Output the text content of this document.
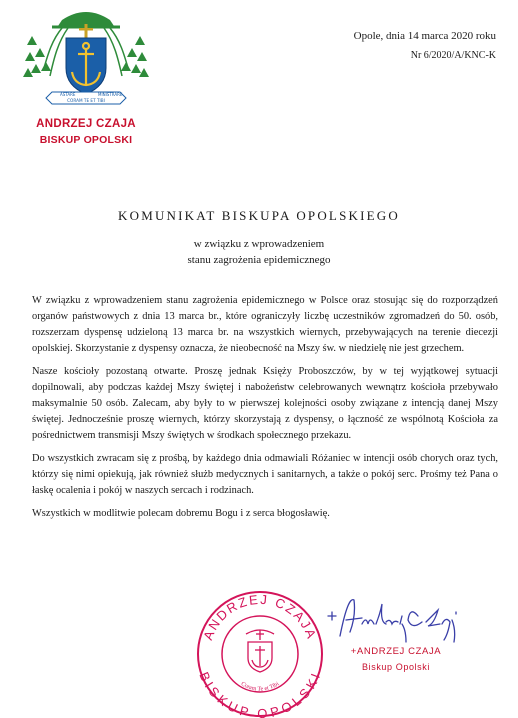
ASTARE	MINISTRARE
CORAM TE ET TIBI
ANDRZEJ CZAJA
BISKUP OPOLSKI
Opole, dnia 14 marca 2020 roku
Nr 6/2020/A/KNC-K
KOMUNIKAT BISKUPA OPOLSKIEGO
w związku z wprowadzeniem
stanu zagrożenia epidemicznego

W związku z wprowadzeniem stanu zagrożenia epidemicznego w Polsce oraz stosując się do rozporządzeń organów państwowych z dnia 13 marca br., które ograniczyły liczbę uczestników zgromadzeń do 50. osób, rozszerzam dyspensę udzieloną 13 marca br. na wszystkich wiernych, przebywających na terenie diecezji opolskiej. Skorzystanie z dyspensy oznacza, że nieobecność na Mszy św. w niedzielę nie jest grzechem.

Nasze kościoły pozostaną otwarte. Proszę jednak Księży Proboszczów, by w tej wyjątkowej sytuacji dopilnowali, aby podczas każdej Mszy świętej i nabożeństw celebrowanych wewnątrz kościoła przebywało maksymalnie 50 osób. Zalecam, aby były to w pierwszej kolejności osoby związane z intencją danej Mszy świętej. Jednocześnie proszę wiernych, którzy skorzystają z dyspensy, o łączność ze wspólnotą Kościoła za pośrednictwem transmisji Mszy świętych w środkach społecznego przekazu.

Do wszystkich zwracam się z prośbą, by każdego dnia odmawiali Różaniec w intencji osób chorych oraz tych, którzy się nimi opiekują, jak również służb medycznych i sanitarnych, a także o pokój serc. Prośmy też Pana o łaskę ocalenia i pokój w naszych sercach i rodzinach.

Wszystkich w modlitwie polecam dobremu Bogu i z serca błogosławię.

ANDRZEJ CZAJA
BISKUP OPOLSKI
Coram Te et Tibi
+ANDRZEJ CZAJA
Biskup Opolski
